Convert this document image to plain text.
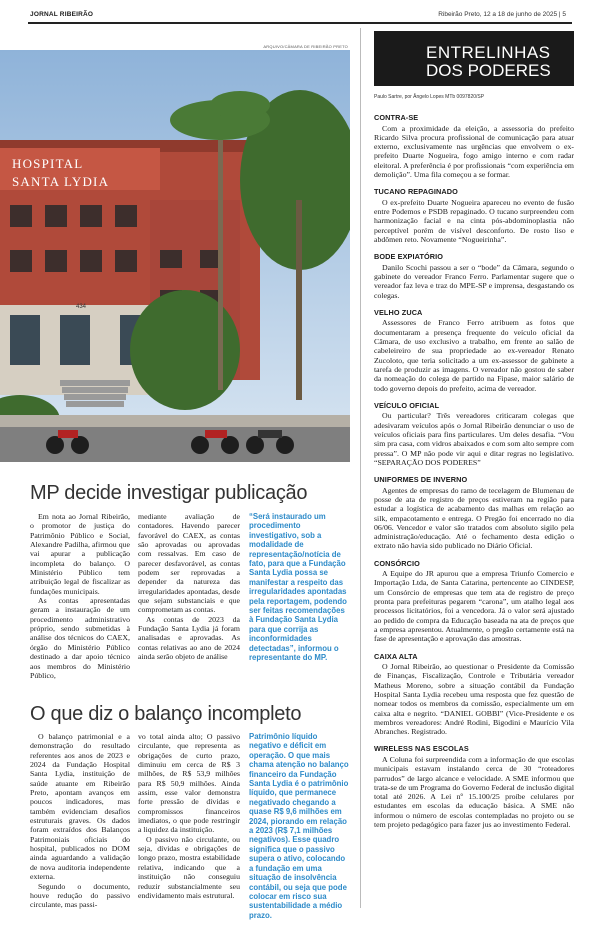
JORNAL RIBEIRÃO	Ribeirão Preto, 12 a 18 de junho de 2025 | 5
HOSPITAL
SANTA LYDIA
434
ARQUIVO/CÂMARA DE RIBEIRÃO PRETO
MP decide investigar publicação

Em nota ao Jornal Ribeirão, o promotor de justiça do Patrimônio Público e Social, Alexandre Padilha, afirmou que vai apurar a publicação incompleta do balanço. O Ministério Público tem atribuição legal de fiscalizar as fundações municipais.

As contas apresentadas geram a instauração de um procedimento administrativo próprio, sendo submetidas à análise dos técnicos do CAEX, órgão do Ministério Público destinado a dar apoio técnico aos membros do Ministério Público,

mediante avaliação de contadores. Havendo parecer favorável do CAEX, as contas são aprovadas ou aprovadas com ressalvas. Em caso de parecer desfavorável, as contas podem ser reprovadas a depender da natureza das irregularidades apontadas, desde que sejam substanciais e que comprometam as contas.

As contas de 2023 da Fundação Santa Lydia já foram analisadas e aprovadas. As contas relativas ao ano de 2024 ainda serão objeto de análise

“Será instaurado um procedimento investigativo, sob a modalidade de representação/notícia de fato, para que a Fundação Santa Lydia possa se manifestar a respeito das irregularidades apontadas pela reportagem, podendo ser feitas recomendações à Fundação Santa Lydia para que corrija as inconformidades detectadas”, informou o representante do MP.
O que diz o balanço incompleto

O balanço patrimonial e a demonstração do resultado referentes aos anos de 2023 e 2024 da Fundação Hospital Santa Lydia, instituição de saúde atuante em Ribeirão Preto, apontam avanços em poucos indicadores, mas também evidenciam desafios estruturais graves. Os dados foram extraídos dos Balanços Patrimoniais oficiais do hospital, publicados no DOM ainda aguardando a validação de nova auditoria independente externa.

Segundo o documento, houve redução do passivo circulante, mas passi-

vo total ainda alto; O passivo circulante, que representa as obrigações de curto prazo, diminuiu em cerca de R$ 3 milhões, de R$ 53,9 milhões para R$ 50,9 milhões. Ainda assim, esse valor demonstra forte pressão de dívidas e compromissos financeiros imediatos, o que pode restringir a liquidez da instituição.

O passivo não circulante, ou seja, dívidas e obrigações de longo prazo, mostra estabilidade relativa, indicando que a instituição não conseguiu reduzir substancialmente seu endividamento mais estrutural.

Patrimônio líquido negativo e déficit em operação. O que mais chama atenção no balanço financeiro da Fundação Santa Lydia é o patrimônio líquido, que permanece negativado chegando a quase R$ 9,6 milhões em 2024, piorando em relação a 2023 (R$ 7,1 milhões negativos). Esse quadro significa que o passivo supera o ativo, colocando a fundação em uma situação de insolvência contábil, ou seja que pode colocar em risco sua sustentabilidade a médio prazo.
ENTRELINHAS
DOS PODERES
Paulo Sartre, por Ângelo Lopes MTb 0097820/SP
CONTRA-SE

Com a proximidade da eleição, a assessoria do prefeito Ricardo Silva procura profissional de comunicação para atuar externo, exclusivamente nas urgências que envolvem o ex-prefeito Duarte Nogueira, fogo amigo interno e com radar eleitoral. A preferência é por profissionais “com experiência em demolição”. Uma fila começou a se formar.

TUCANO REPAGINADO

O ex-prefeito Duarte Nogueira apareceu no evento de fusão entre Podemos e PSDB repaginado. O tucano surpreendeu com harmonização facial e na cinta pós-abdominoplastia não perceptível porém de visível desconforto. De rosto liso e abdômen reto. Novamente “Nogueirinha”.

BODE EXPIATÓRIO

Danilo Scochi passou a ser o “bode” da Câmara, segundo o gabinete do vereador Franco Ferro. Parlamentar sugere que o vereador faz leva e traz do MPE-SP e imprensa, desgastando os colegas.

VELHO ZUCA

Assessores de Franco Ferro atribuem as fotos que documentaram a presença frequente do veículo oficial da Câmara, de uso exclusivo a trabalho, em frente ao salão de cabeleireiro de sua propriedade ao ex-vereador Renato Zucoloto, que teria solicitado a um ex-assessor de gabinete a tarefa de produzir as imagens. O vereador não gostou de saber da nomeação do colega de partido na Fipase, maior salário de todo governo depois do prefeito, acima de vereador.

VEÍCULO OFICIAL

Ou particular? Três vereadores criticaram colegas que adesivaram veículos após o Jornal Ribeirão denunciar o uso de veículos oficiais para fins particulares. Um deles desafia. “Vou sim pra casa, com vidros abaixados e com som alto sempre com pressa”. O MP não pode vir aqui e ditar regras no legislativo. “SEPARAÇÃO DOS PODERES”

UNIFORMES DE INVERNO

Agentes de empresas do ramo de tecelagem de Blumenau de posse de ata de registro de preços estiveram na região para estudar a logística de acabamento das malhas em relação ao silk, empacotamento e entrega. O Pregão foi encerrado no dia 06/06. Vencedor e valor são tratados com absoluto sigilo pela administração/educação. Até o fechamento desta edição o extrato não havia sido publicado no Diário Oficial.

CONSÓRCIO

A Equipe do JR apurou que a empresa Triunfo Comercio e Importação Ltda, de Santa Catarina, pertencente ao CINDESP, um Consórcio de empresas que tem ata de registro de preço pronta para prefeituras pegarem “carona”, um atalho legal aos processos licitatórios, foi a vencedora. Já o valor será ajustado ao pedido de compra da Educação baseada na ata de preços que a empresa apresentou. Atualmente, o pregão certamente está na fase de apresentação e aprovação das amostras.

CAIXA ALTA

O Jornal Ribeirão, ao questionar o Presidente da Comissão de Finanças, Fiscalização, Controle e Tributária vereador Matheus Moreno, sobre a situação contábil da Fundação Hospital Santa Lydia recebeu uma resposta que fez questão de nomear todos os membros da comissão, especialmente um em caixa alta e negrito. “DANIEL GOBBI” (Vice-Presidente e os membros vereadores: André Rodini, Bigodini e Maurício Vila Abranches. Registrado.

WIRELESS NAS ESCOLAS

A Coluna foi surpreendida com a informação de que escolas municipais estavam instalando cerca de 30 “roteadores parrudos” de largo alcance e velocidade. A SME informou que trata-se de um Programa do Governo Federal de inclusão digital total até 2026. A Lei nº 15.100/25 proíbe celulares por estudantes em escolas da educação básica. A SME não informou o número de escolas contempladas no projeto ou se tem projeto pedagógico para fazer jus ao investimento Federal.
